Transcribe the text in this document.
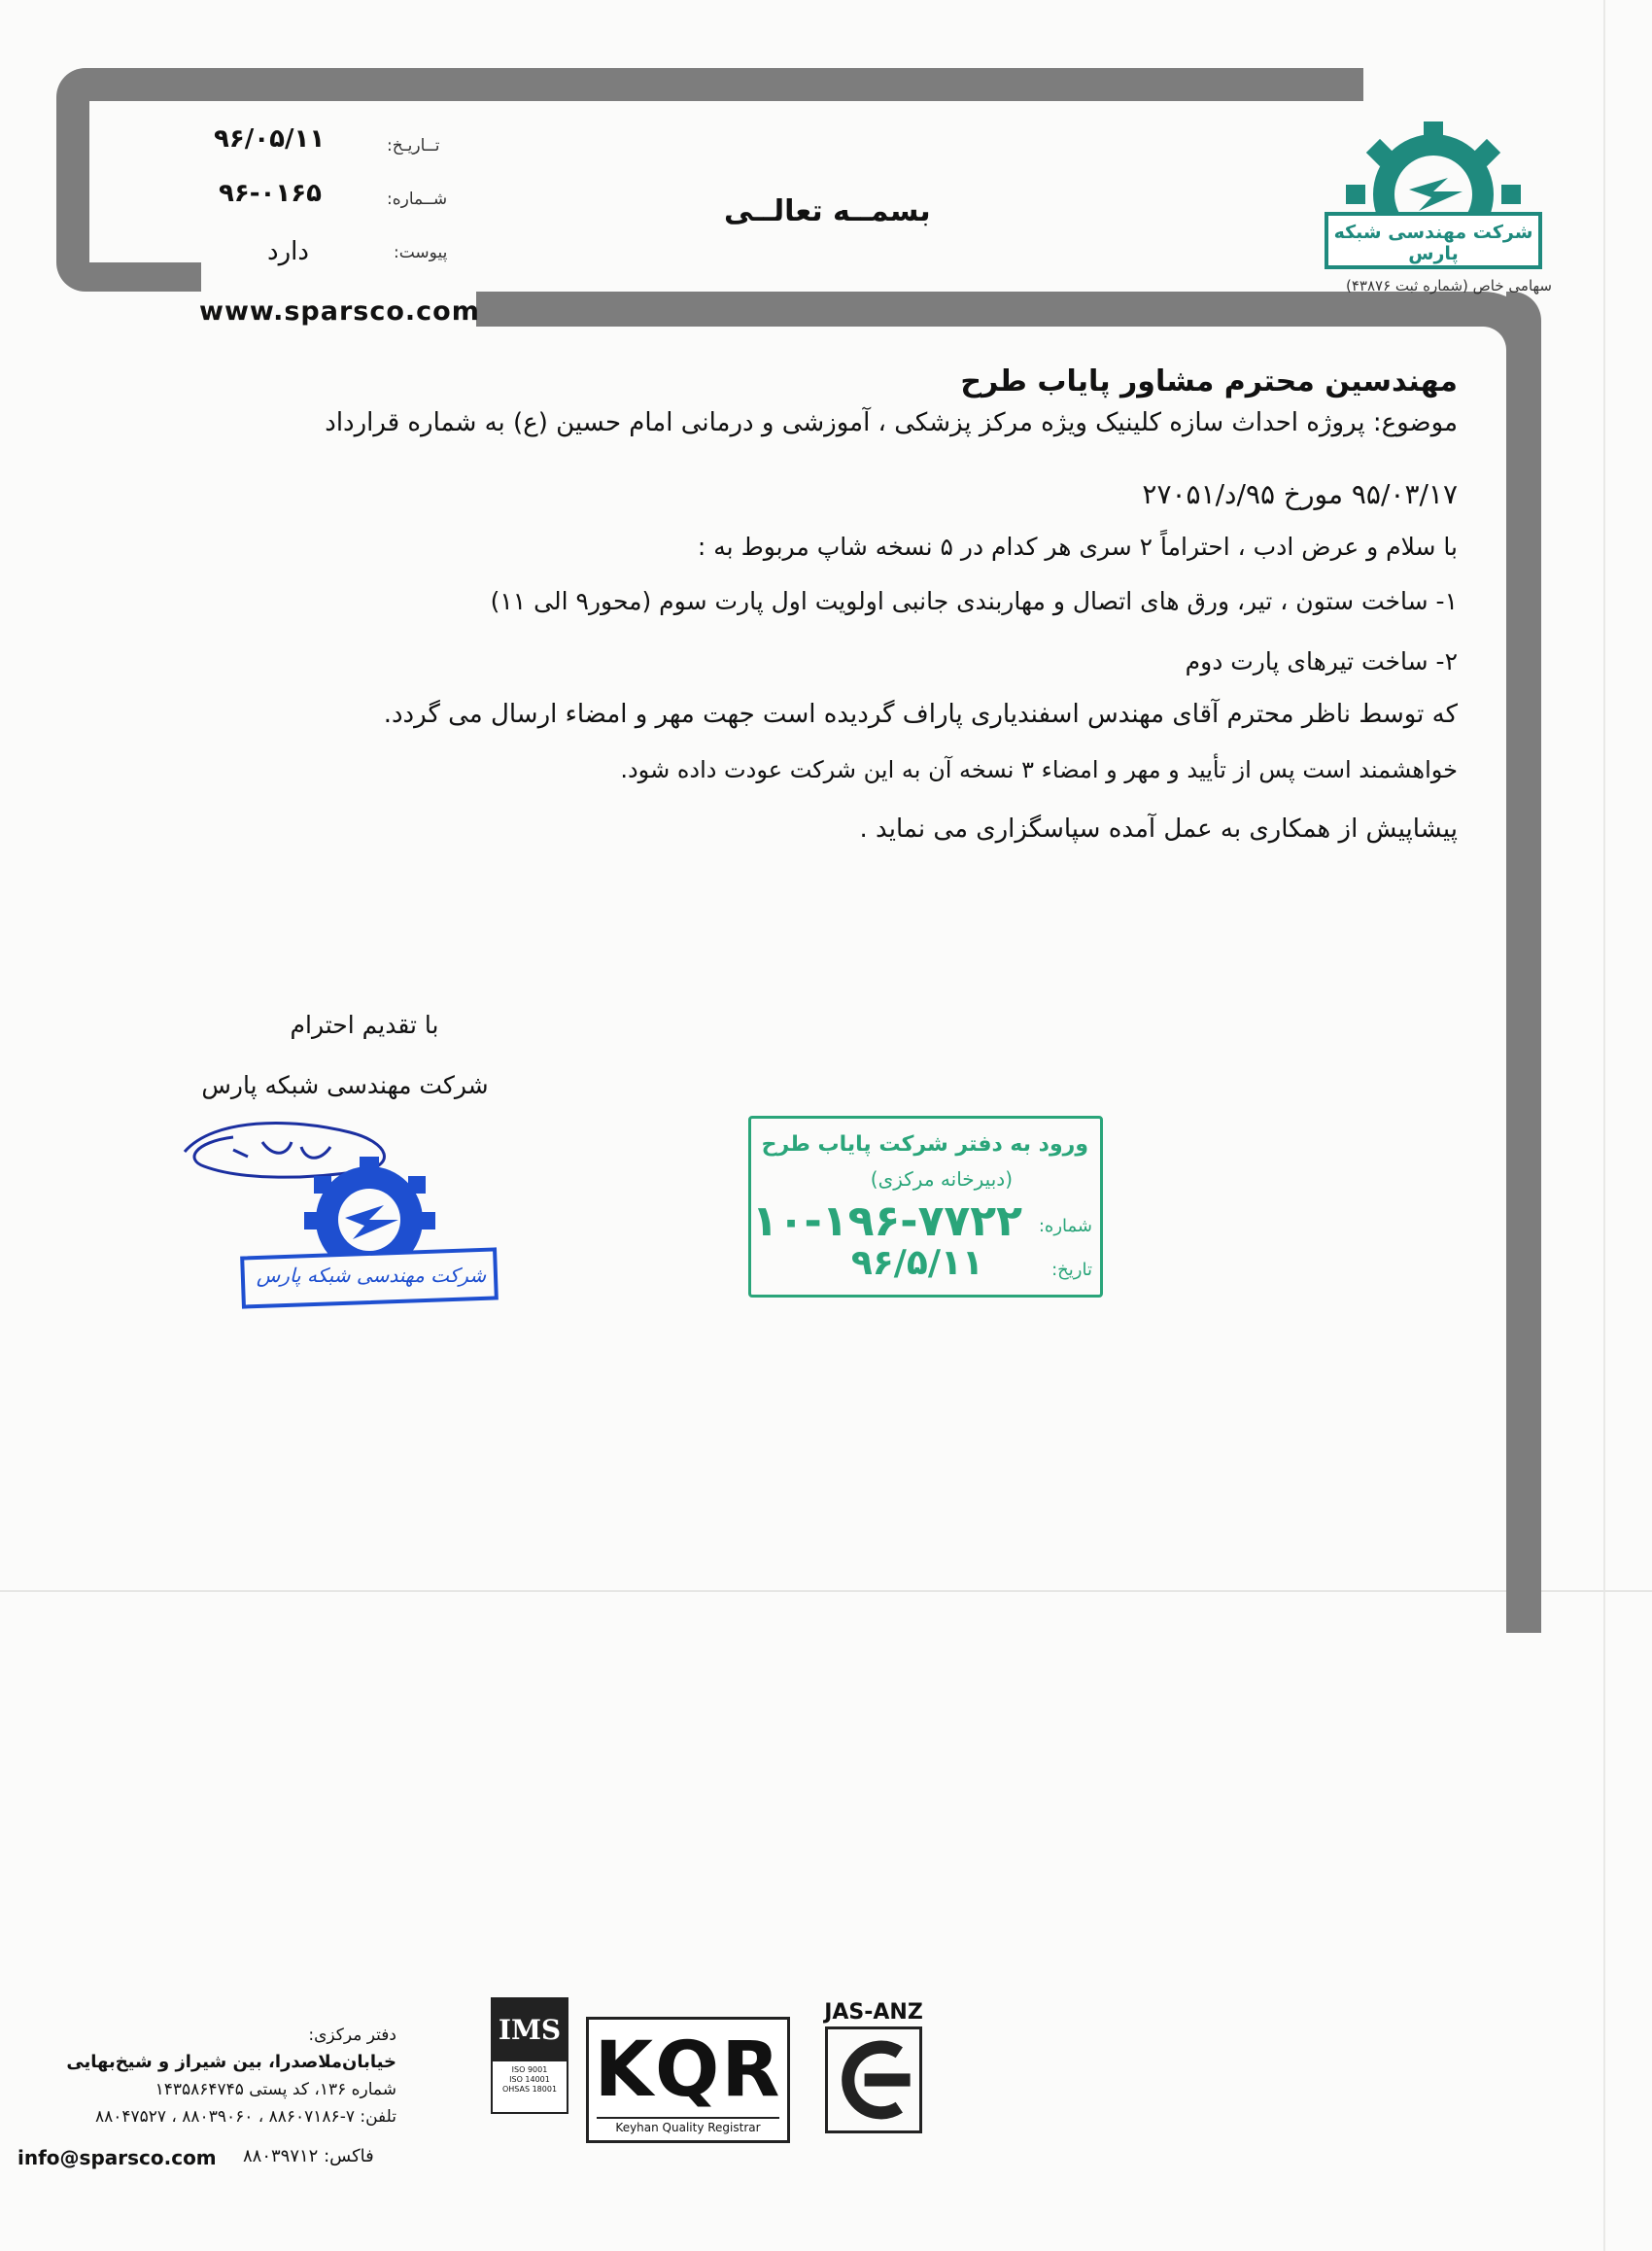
تــاریـخ:
۹۶/۰۵/۱۱
شــماره:
۹۶-۰۱۶۵
پیوست:
دارد
www.sparsco.com
بسمــه تعالــی
شرکت مهندسی شبکه پارس
سهامی خاص (شماره ثبت ۴۳۸۷۶)
مهندسین محترم مشاور پایاب طرح
موضوع: پروژه احداث سازه کلینیک ویژه مرکز پزشکی ، آموزشی و درمانی امام حسین (ع) به شماره قرارداد
۹۵/۰۳/۱۷ مورخ ۹۵/د/۲۷۰۵۱
با سلام و عرض ادب ، احتراماً ۲ سری هر کدام در ۵ نسخه شاپ مربوط به :
۱- ساخت ستون ، تیر، ورق های اتصال و مهاربندی جانبی اولویت اول پارت سوم (محور۹ الی ۱۱)
۲- ساخت تیرهای پارت دوم
که توسط ناظر محترم آقای مهندس اسفندیاری پاراف گردیده است جهت مهر و امضاء ارسال می گردد.
خواهشمند است پس از تأیید و مهر و امضاء ۳ نسخه آن به این شرکت عودت داده شود.
پیشاپیش از همکاری به عمل آمده سپاسگزاری می نماید .
با تقدیم احترام
شرکت مهندسی شبکه پارس
شرکت مهندسی شبکه پارس
ورود به دفتر شرکت پایاب طرح
(دبیرخانه مرکزی)
شماره:
۱۰-۱۹۶-۷۷۲۲
تاریخ:
۹۶/۵/۱۱
دفتر مرکزی:
خیابان‌ملاصدرا، بین شیراز و شیخ‌بهایی
شماره ۱۳۶، کد پستی ۱۴۳۵۸۶۴۷۴۵
تلفن: ۷-۸۸۶۰۷۱۸۶ ، ۸۸۰۳۹۰۶۰ ، ۸۸۰۴۷۵۲۷
info@sparsco.com فاکس: ۸۸۰۳۹۷۱۲
IMS
ISO 9001
ISO 14001
OHSAS 18001 KQR
Keyhan Quality Registrar
JAS-ANZ
